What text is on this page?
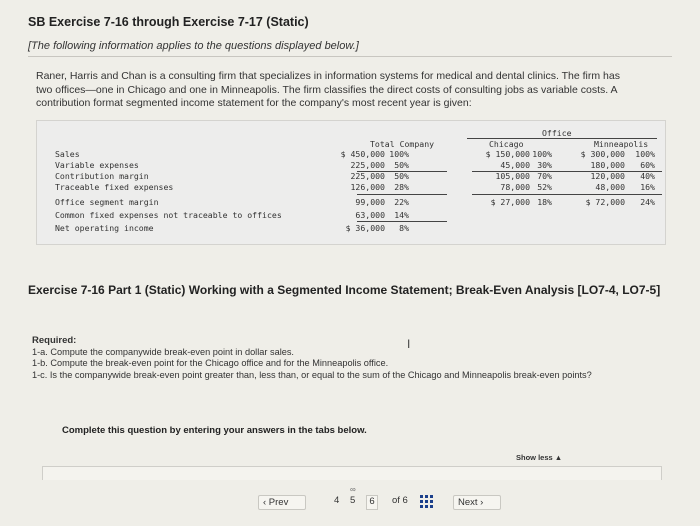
SB Exercise 7-16 through Exercise 7-17 (Static)
[The following information applies to the questions displayed below.]
Raner, Harris and Chan is a consulting firm that specializes in information systems for medical and dental clinics. The firm has two offices—one in Chicago and one in Minneapolis. The firm classifies the direct costs of consulting jobs as variable costs. A contribution format segmented income statement for the company's most recent year is given:
Office
Total Company	Chicago	Minneapolis
Sales	$ 450,000 100%	$ 150,000 100%	$ 300,000	100%
Variable expenses	225,000	50%	45,000 30%	180,000	60%
Contribution margin	225,000	50%	105,000 70%	120,000	40%
Traceable fixed expenses	126,000	28%	78,000 52%	48,000	16%
Office segment margin	99,000	22%	$ 27,000 18%	$ 72,000	24%
Common fixed expenses not traceable to offices	63,000	14%
Net operating income	$ 36,000	8%
Exercise 7-16 Part 1 (Static) Working with a Segmented Income Statement; Break-Even Analysis [LO7-4, LO7-5]
Required:	I
1-a. Compute the companywide break-even point in dollar sales.
1-b. Compute the break-even point for the Chicago office and for the Minneapolis office.
1-c. Is the companywide break-even point greater than, less than, or equal to the sum of the Chicago and Minneapolis break-even points?
Complete this question by entering your answers in the tabs below.
Show less ▲
‹ Prev	4 5
∞
6	of 6	Next ›
